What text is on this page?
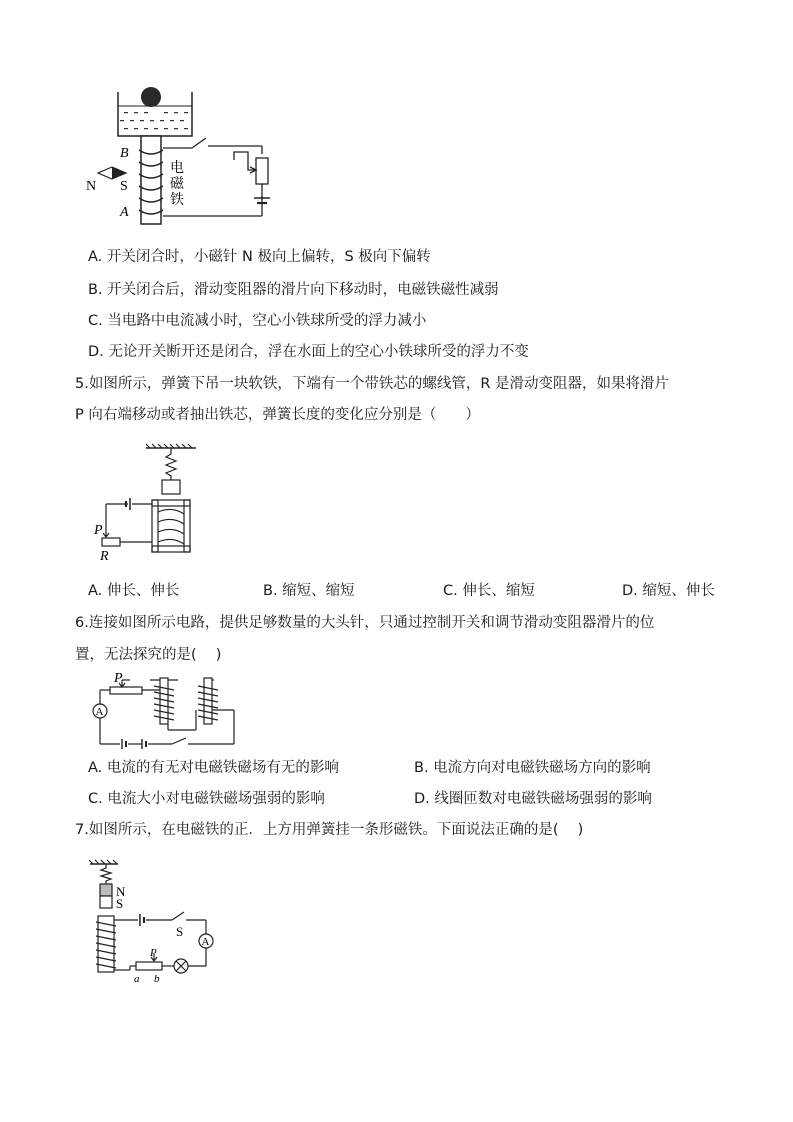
B
S
A
N
电
磁
铁
A. 开关闭合时，小磁针 N 极向上偏转，S 极向下偏转
B. 开关闭合后，滑动变阻器的滑片向下移动时，电磁铁磁性减弱
C. 当电路中电流减小时，空心小铁球所受的浮力减小
D. 无论开关断开还是闭合，浮在水面上的空心小铁球所受的浮力不变
5.如图所示，弹簧下吊一块软铁，下端有一个带铁芯的螺线管，R 是滑动变阻器，如果将滑片
P 向右端移动或者抽出铁芯，弹簧长度的变化应分别是（　　）
P
R
A. 伸长、伸长	B. 缩短、缩短	C. 伸长、缩短	D. 缩短、伸长
6.连接如图所示电路，提供足够数量的大头针，只通过控制开关和调节滑动变阻器滑片的位
置，无法探究的是(　 )
A
P
A. 电流的有无对电磁铁磁场有无的影响	B. 电流方向对电磁铁磁场方向的影响
C. 电流大小对电磁铁磁场强弱的影响	D. 线圈匝数对电磁铁磁场强弱的影响
7.如图所示，在电磁铁的正．上方用弹簧挂一条形磁铁。下面说法正确的是(　 )
A
N
S
S
P
a b
